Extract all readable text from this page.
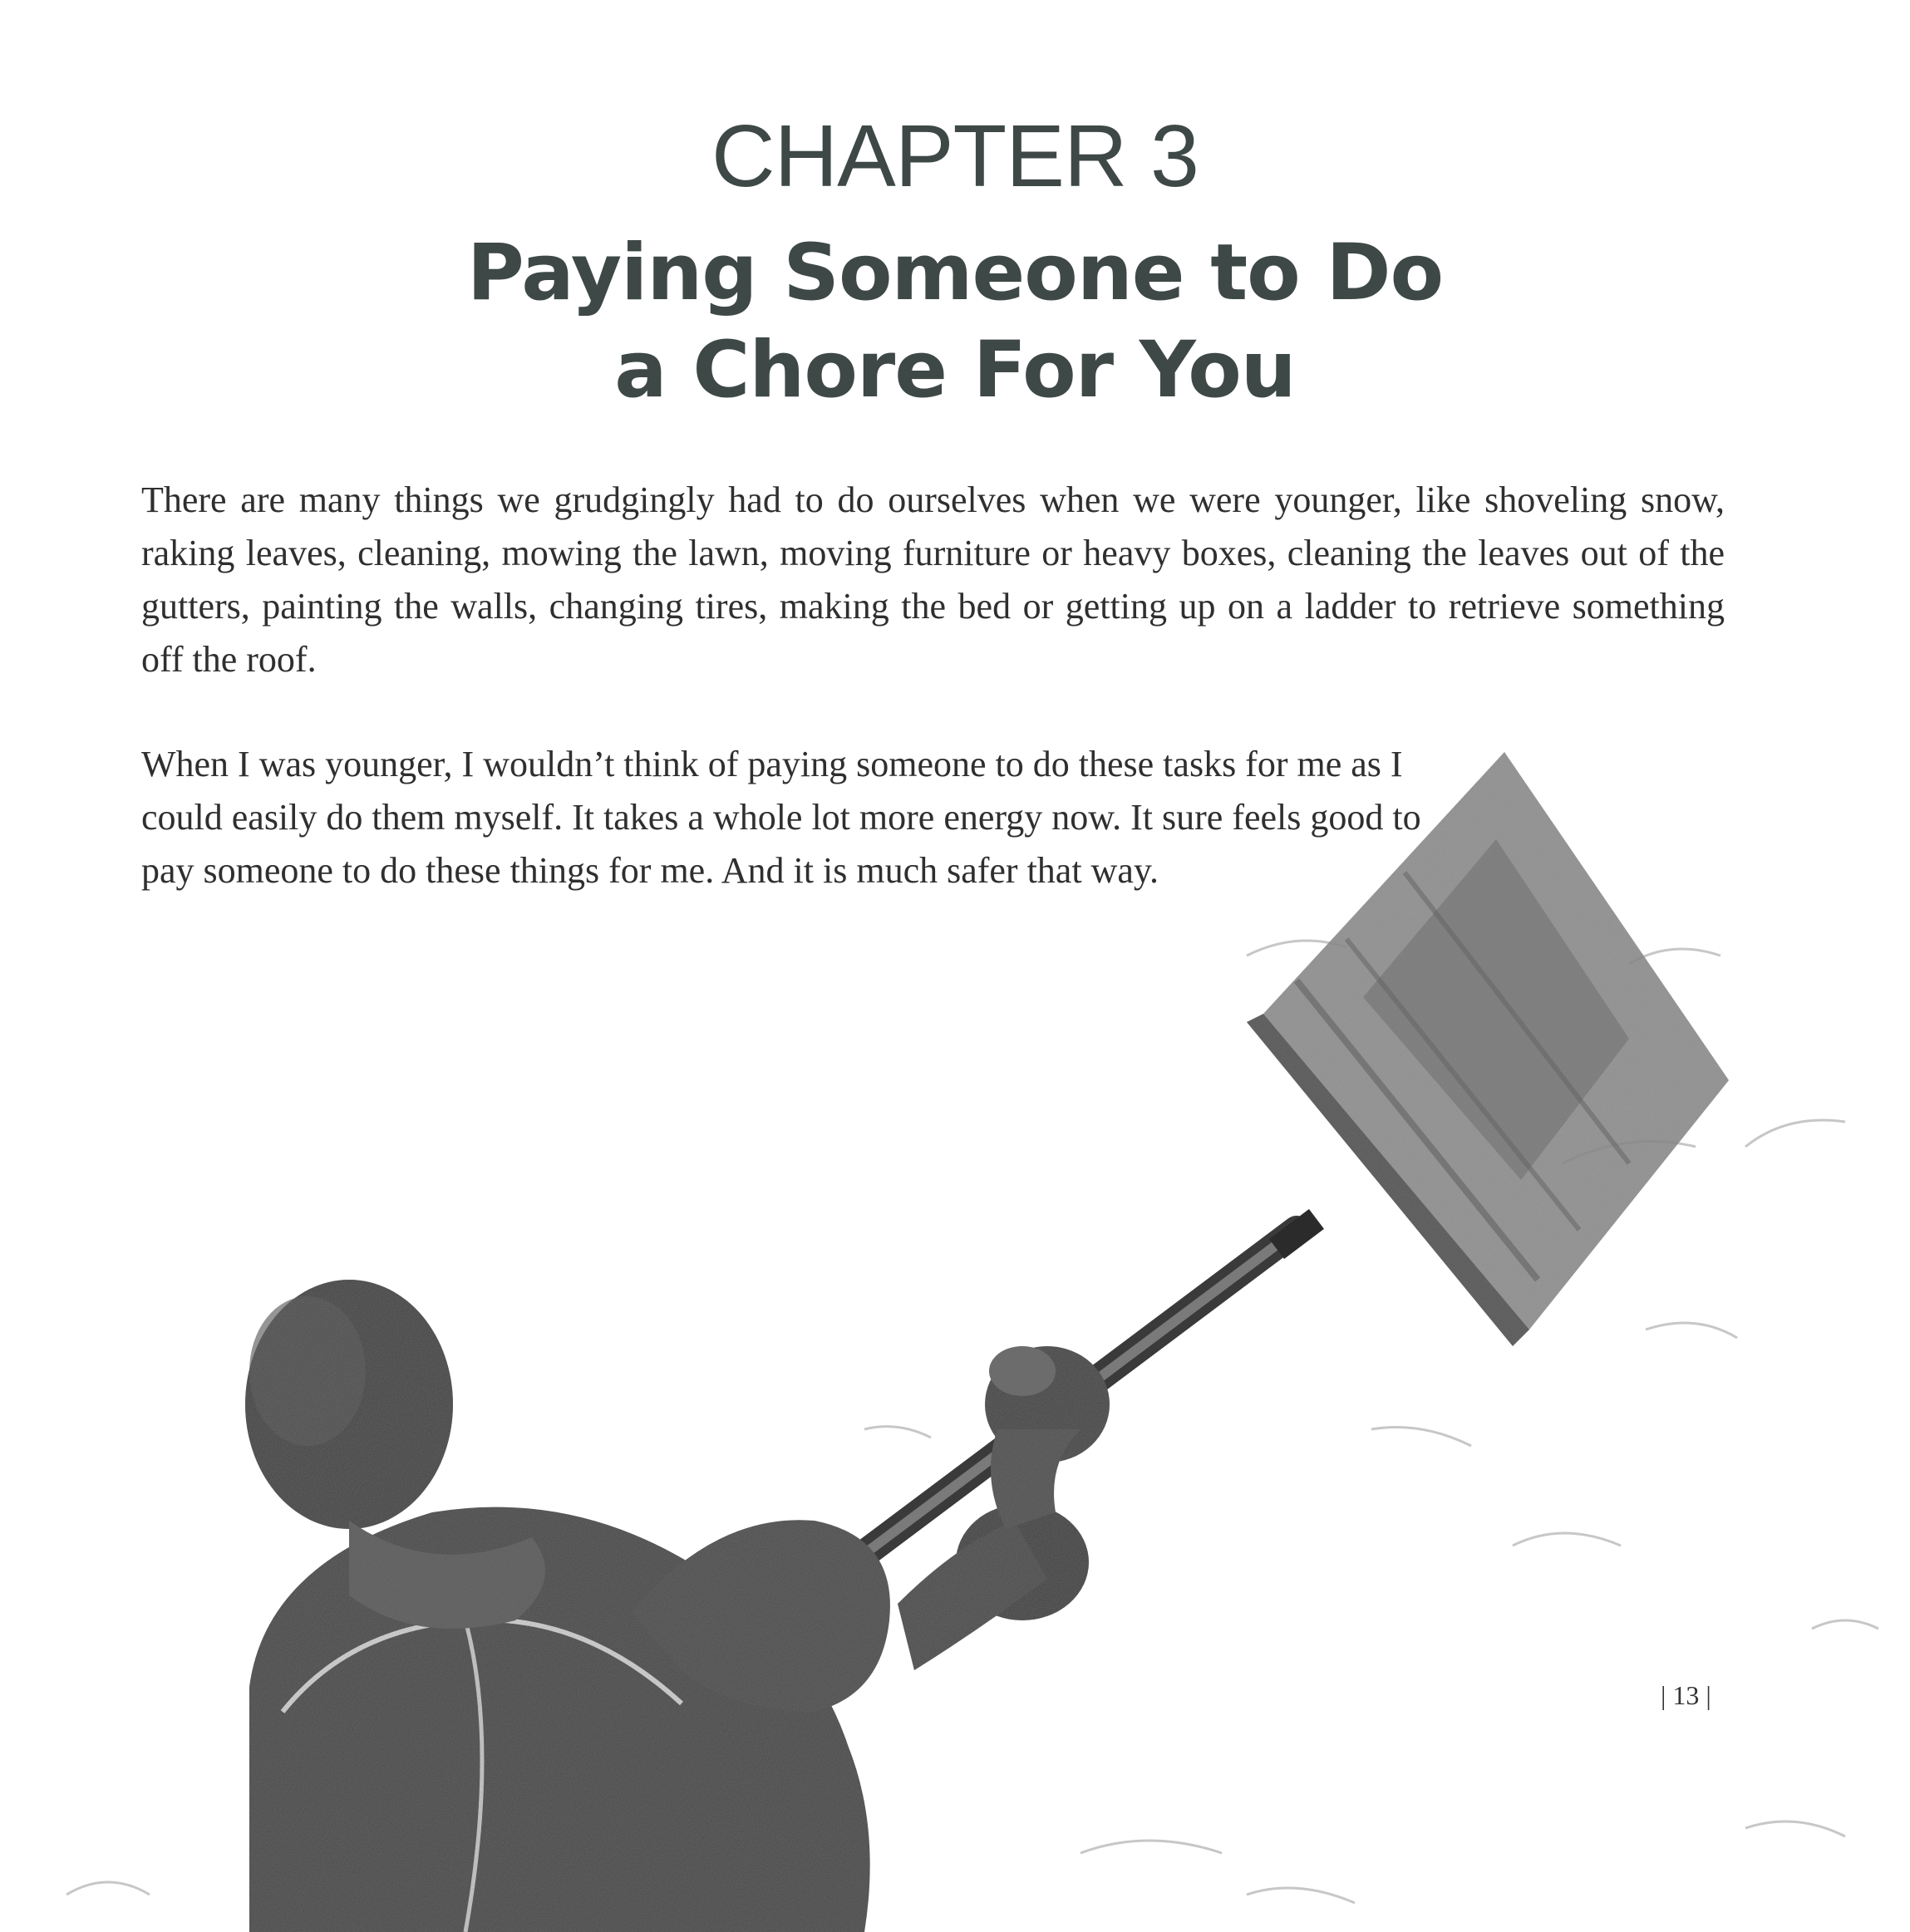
CHAPTER 3
Paying Someone to Do
a Chore For You

There are many things we grudgingly had to do ourselves when we were younger, like shoveling snow, raking leaves, cleaning, mowing the lawn, moving furniture or heavy boxes, cleaning the leaves out of the gutters, painting the walls, changing tires, making the bed or getting up on a ladder to retrieve something off the roof.

When I was younger, I wouldn’t think of paying someone to do these tasks for me as I could easily do them myself. It takes a whole lot more energy now. It sure feels good to pay someone to do these things for me. And it is much safer that way.

| 13 |
